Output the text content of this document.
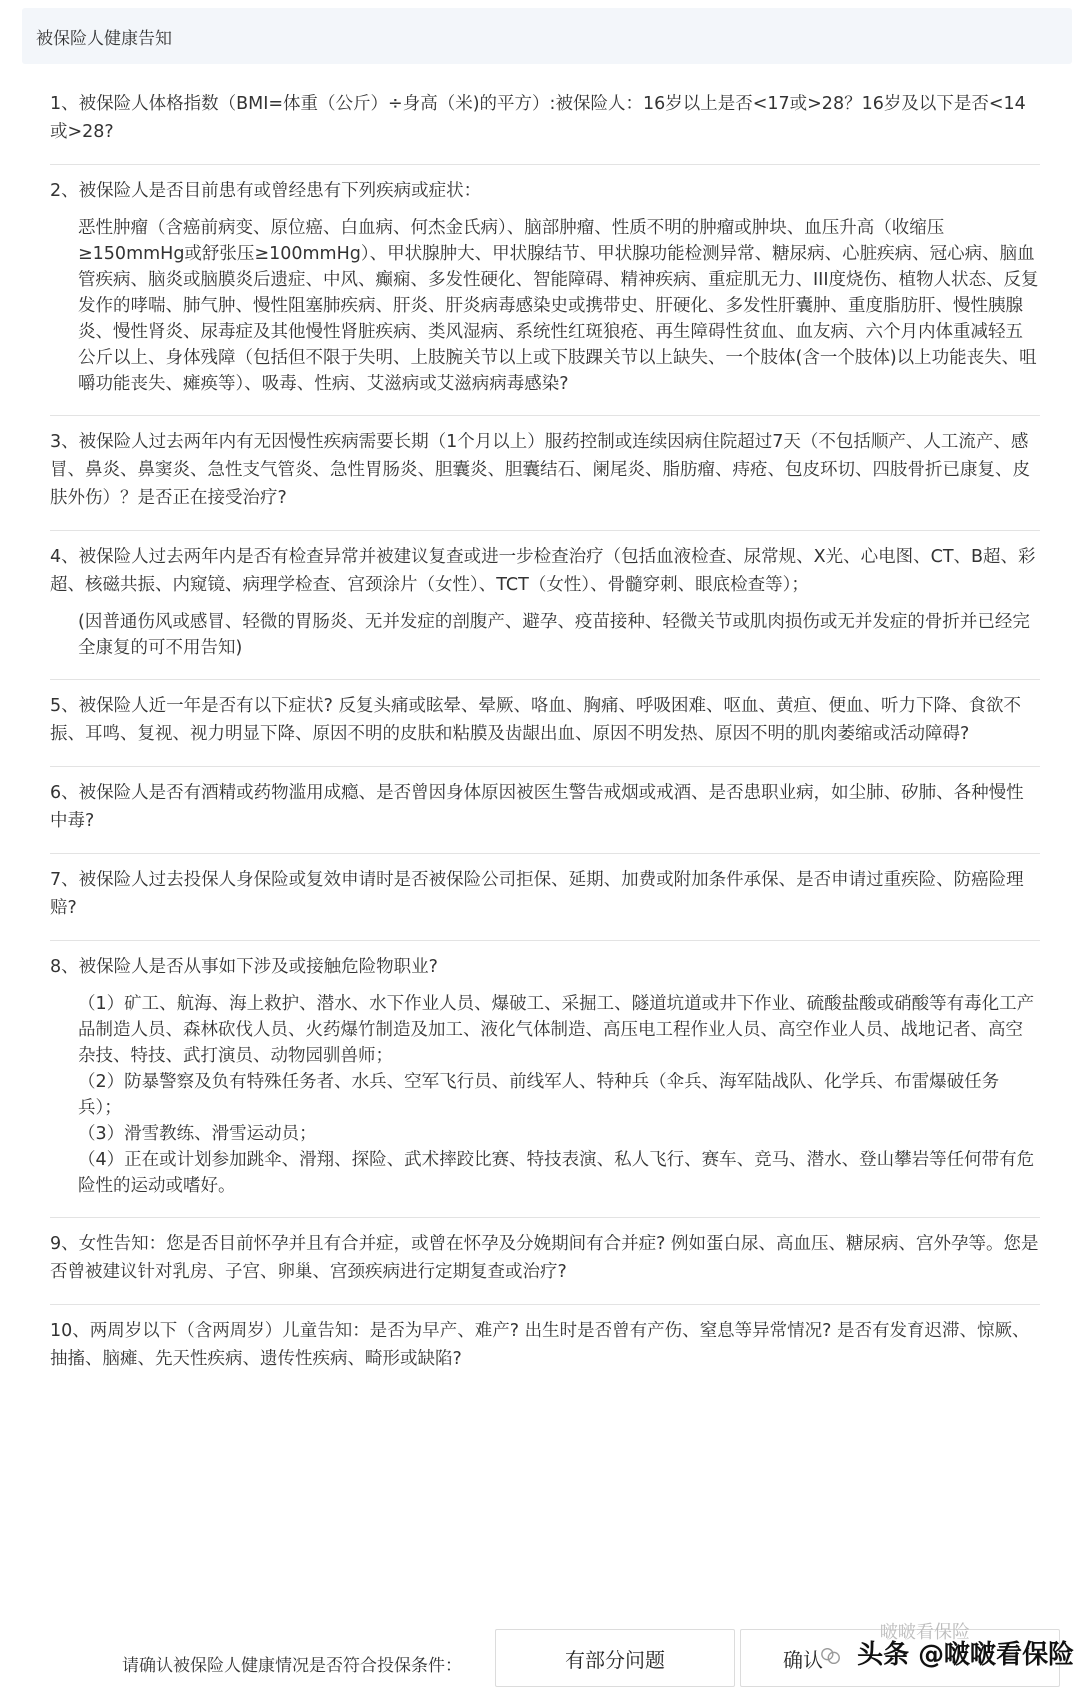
被保险人健康告知
1、被保险人体格指数（BMI=体重（公斤）÷身高（米)的平方）:被保险人：16岁以上是否<17或>28？16岁及以下是否<14或>28?
2、被保险人是否目前患有或曾经患有下列疾病或症状：
恶性肿瘤（含癌前病变、原位癌、白血病、何杰金氏病）、脑部肿瘤、性质不明的肿瘤或肿块、血压升高（收缩压≥150mmHg或舒张压≥100mmHg）、甲状腺肿大、甲状腺结节、甲状腺功能检测异常、糖尿病、心脏疾病、冠心病、脑血管疾病、脑炎或脑膜炎后遗症、中风、癫痫、多发性硬化、智能障碍、精神疾病、重症肌无力、III度烧伤、植物人状态、反复发作的哮喘、肺气肿、慢性阻塞肺疾病、肝炎、肝炎病毒感染史或携带史、肝硬化、多发性肝囊肿、重度脂肪肝、慢性胰腺炎、慢性肾炎、尿毒症及其他慢性肾脏疾病、类风湿病、系统性红斑狼疮、再生障碍性贫血、血友病、六个月内体重减轻五公斤以上、身体残障（包括但不限于失明、上肢腕关节以上或下肢踝关节以上缺失、一个肢体(含一个肢体)以上功能丧失、咀嚼功能丧失、瘫痪等）、吸毒、性病、艾滋病或艾滋病病毒感染?
3、被保险人过去两年内有无因慢性疾病需要长期（1个月以上）服药控制或连续因病住院超过7天（不包括顺产、人工流产、感冒、鼻炎、鼻窦炎、急性支气管炎、急性胃肠炎、胆囊炎、胆囊结石、阑尾炎、脂肪瘤、痔疮、包皮环切、四肢骨折已康复、皮肤外伤）？是否正在接受治疗?
4、被保险人过去两年内是否有检查异常并被建议复查或进一步检查治疗（包括血液检查、尿常规、X光、心电图、CT、B超、彩超、核磁共振、内窥镜、病理学检查、宫颈涂片（女性）、TCT（女性）、骨髓穿刺、眼底检查等）；
(因普通伤风或感冒、轻微的胃肠炎、无并发症的剖腹产、避孕、疫苗接种、轻微关节或肌肉损伤或无并发症的骨折并已经完全康复的可不用告知)
5、被保险人近一年是否有以下症状? 反复头痛或眩晕、晕厥、咯血、胸痛、呼吸困难、呕血、黄疸、便血、听力下降、食欲不振、耳鸣、复视、视力明显下降、原因不明的皮肤和粘膜及齿龈出血、原因不明发热、原因不明的肌肉萎缩或活动障碍?
6、被保险人是否有酒精或药物滥用成瘾、是否曾因身体原因被医生警告戒烟或戒酒、是否患职业病，如尘肺、矽肺、各种慢性中毒?
7、被保险人过去投保人身保险或复效申请时是否被保险公司拒保、延期、加费或附加条件承保、是否申请过重疾险、防癌险理赔?
8、被保险人是否从事如下涉及或接触危险物职业?
（1）矿工、航海、海上救护、潜水、水下作业人员、爆破工、采掘工、隧道坑道或井下作业、硫酸盐酸或硝酸等有毒化工产品制造人员、森林砍伐人员、火药爆竹制造及加工、液化气体制造、高压电工程作业人员、高空作业人员、战地记者、高空杂技、特技、武打演员、动物园驯兽师；
（2）防暴警察及负有特殊任务者、水兵、空军飞行员、前线军人、特种兵（伞兵、海军陆战队、化学兵、布雷爆破任务兵）；
（3）滑雪教练、滑雪运动员；
（4）正在或计划参加跳伞、滑翔、探险、武术摔跤比赛、特技表演、私人飞行、赛车、竞马、潜水、登山攀岩等任何带有危险性的运动或嗜好。
9、女性告知：您是否目前怀孕并且有合并症，或曾在怀孕及分娩期间有合并症? 例如蛋白尿、高血压、糖尿病、宫外孕等。您是否曾被建议针对乳房、子宫、卵巢、宫颈疾病进行定期复查或治疗?
10、两周岁以下（含两周岁）儿童告知：是否为早产、难产? 出生时是否曾有产伤、窒息等异常情况? 是否有发育迟滞、惊厥、抽搐、脑瘫、先天性疾病、遗传性疾病、畸形或缺陷?
请确认被保险人健康情况是否符合投保条件：	有部分问题	确认
啵啵看保险
头条 @啵啵看保险
